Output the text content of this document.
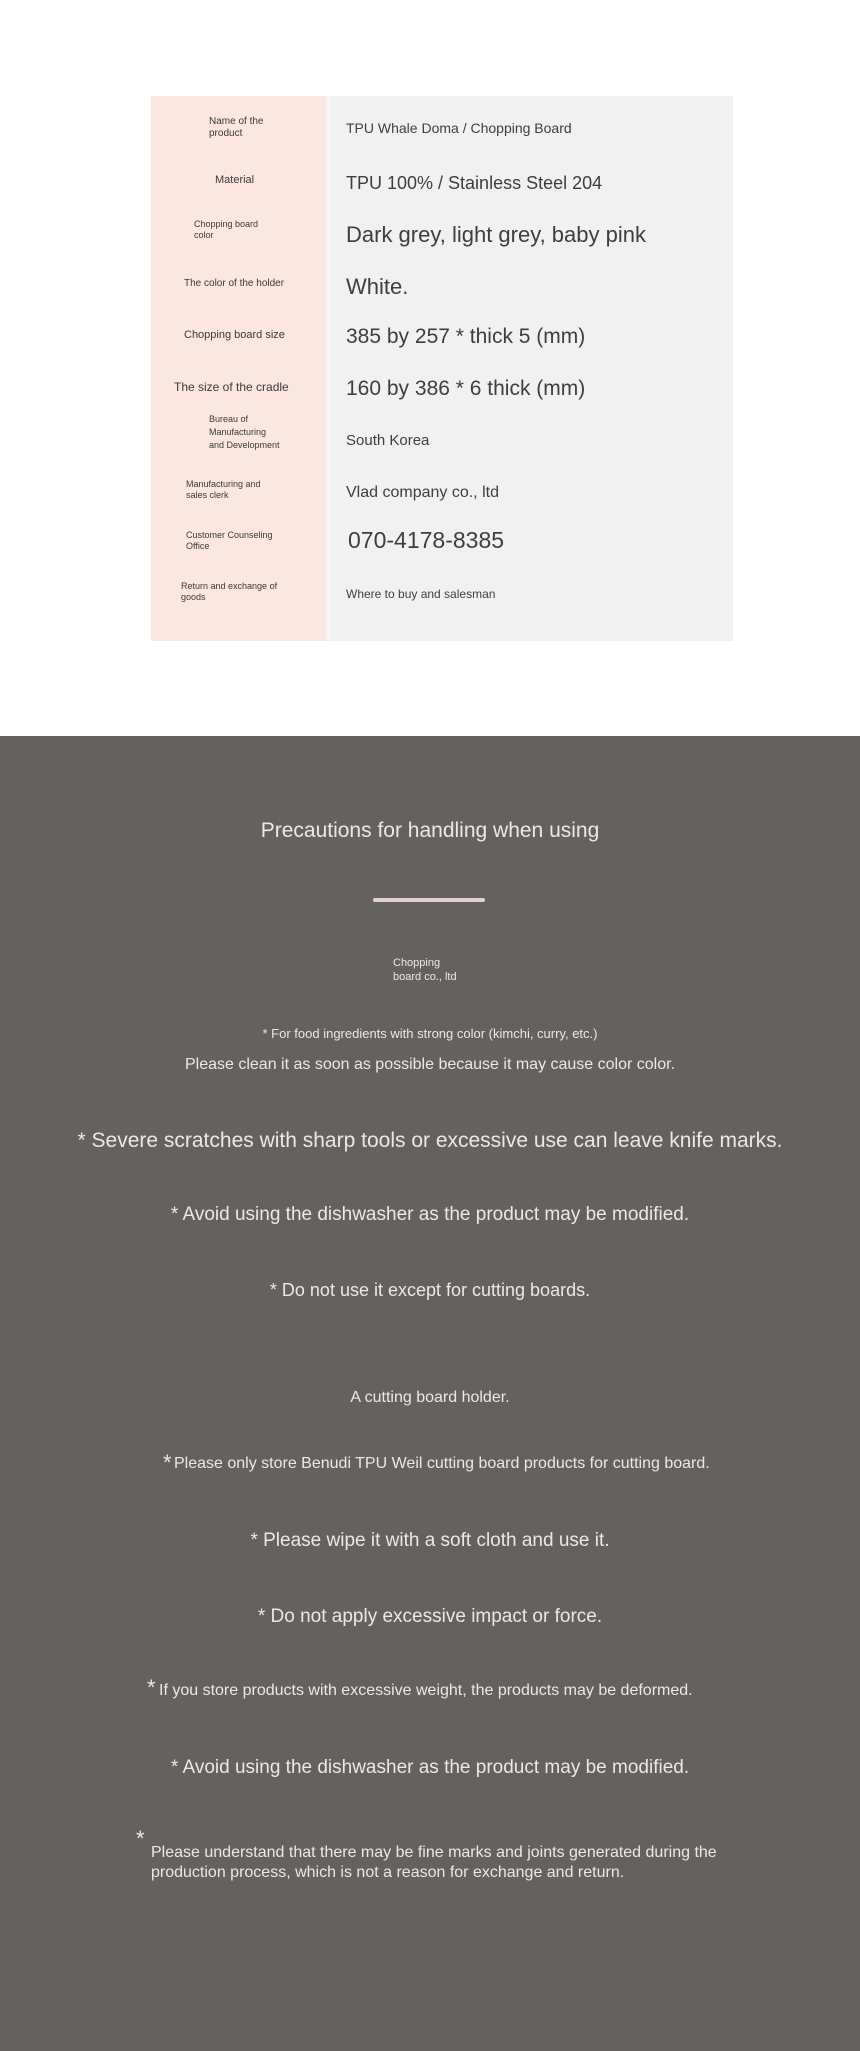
Name of the product	TPU Whale Doma / Chopping Board
Material	TPU 100% / Stainless Steel 204
Chopping board color	Dark grey, light grey, baby pink
The color of the holder	White.
Chopping board size	385 by 257 * thick 5 (mm)
The size of the cradle	160 by 386 * 6 thick (mm)
Bureau of Manufacturing and Development	South Korea
Manufacturing and sales clerk	Vlad company co., ltd
Customer Counseling Office	070-4178-8385
Return and exchange of goods	Where to buy and salesman
Precautions for handling when using
Chopping board co., ltd
* For food ingredients with strong color (kimchi, curry, etc.)
Please clean it as soon as possible because it may cause color color.
* Severe scratches with sharp tools or excessive use can leave knife marks.
* Avoid using the dishwasher as the product may be modified.
* Do not use it except for cutting boards.
A cutting board holder.
* Please only store Benudi TPU Weil cutting board products for cutting board.
* Please wipe it with a soft cloth and use it.
* Do not apply excessive impact or force.
* If you store products with excessive weight, the products may be deformed.
* Avoid using the dishwasher as the product may be modified.
*
Please understand that there may be fine marks and joints generated during the production process, which is not a reason for exchange and return.
